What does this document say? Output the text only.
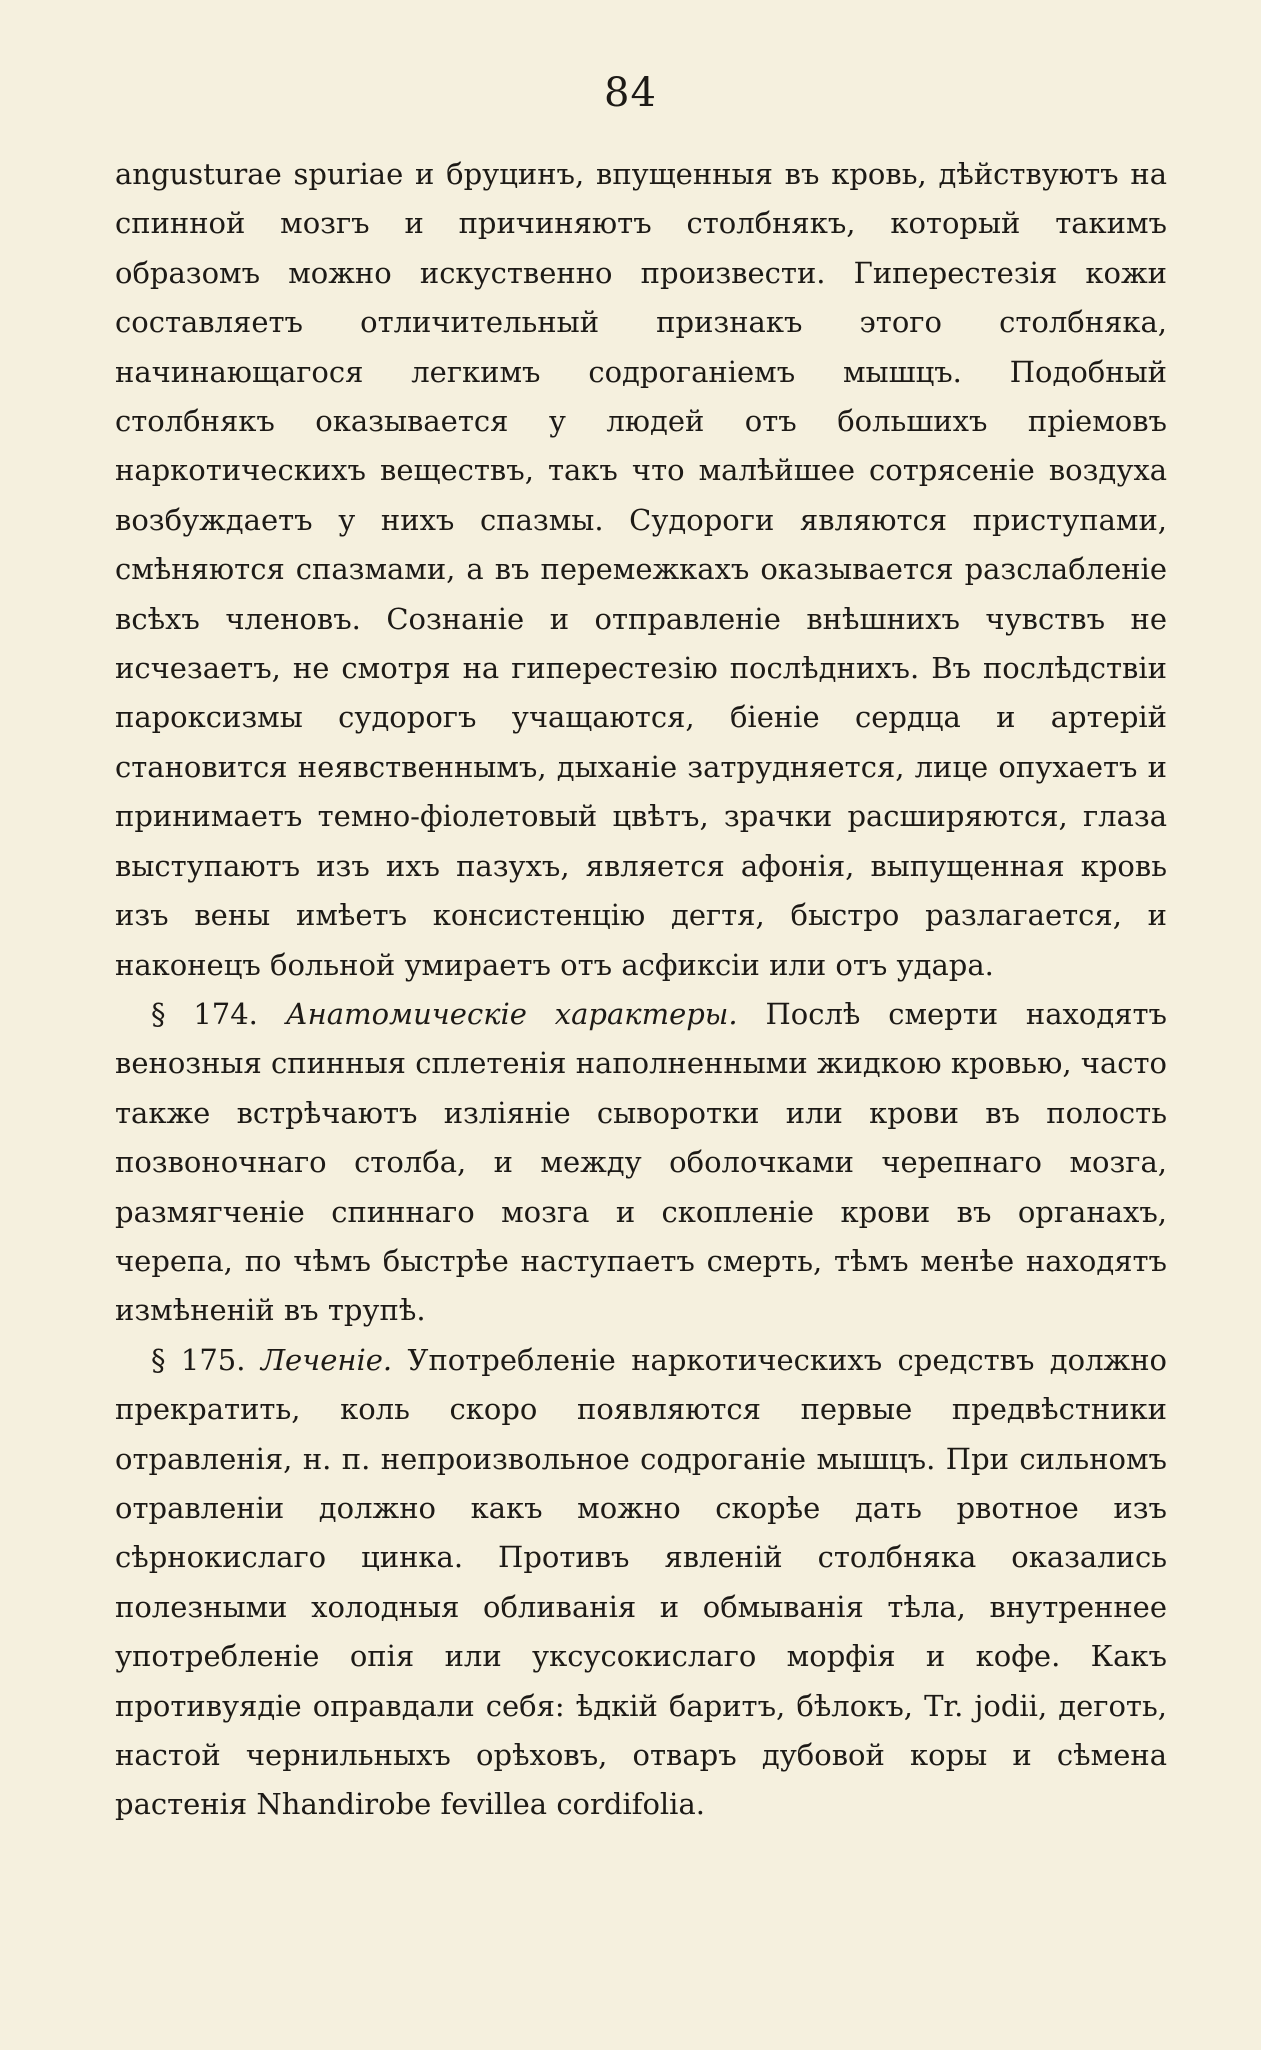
84

angusturae spuriae и бруцинъ, впущенныя въ кровь, дѣйствуютъ на спинной мозгъ и причиняютъ столбнякъ, который такимъ образомъ можно искуственно произвести. Гиперестезія кожи составляетъ отличительный признакъ этого столбняка, начинающагося легкимъ содроганіемъ мышцъ. Подобный столбнякъ оказывается у людей отъ большихъ пріемовъ наркотическихъ веществъ, такъ что малѣйшее сотрясеніе воздуха возбуждаетъ у нихъ спазмы. Судороги являются приступами, смѣняются спазмами, а въ перемежкахъ оказывается разслабленіе всѣхъ членовъ. Сознаніе и отправленіе внѣшнихъ чувствъ не исчезаетъ, не смотря на гиперестезію послѣднихъ. Въ послѣдствіи пароксизмы судорогъ учащаются, біеніе сердца и артерій становится неявственнымъ, дыханіе затрудняется, лице опухаетъ и принимаетъ темно-фіолетовый цвѣтъ, зрачки расширяются, глаза выступаютъ изъ ихъ пазухъ, является афонія, выпущенная кровь изъ вены имѣетъ консистенцію дегтя, быстро разлагается, и наконецъ больной умираетъ отъ асфиксіи или отъ удара.

§ 174. Анатомическіе характеры. Послѣ смерти находятъ венозныя спинныя сплетенія наполненными жидкою кровью, часто также встрѣчаютъ изліяніе сыворотки или крови въ полость позвоночнаго столба, и между оболочками черепнаго мозга, размягченіе спиннаго мозга и скопленіе крови въ органахъ, черепа, по чѣмъ быстрѣе наступаетъ смерть, тѣмъ менѣе находятъ измѣненій въ трупѣ.

§ 175. Леченіе. Употребленіе наркотическихъ средствъ должно прекратить, коль скоро появляются первые предвѣстники отравленія, н. п. непроизвольное содроганіе мышцъ. При сильномъ отравленіи должно какъ можно скорѣе дать рвотное изъ сѣрнокислаго цинка. Противъ явленій столбняка оказались полезными холодныя обливанія и обмыванія тѣла, внутреннее употребленіе опія или уксусокислаго морфія и кофе. Какъ противуядіе оправдали себя: ѣдкій баритъ, бѣлокъ, Tr. jodii, деготь, настой чернильныхъ орѣховъ, отваръ дубовой коры и сѣмена растенія Nhandirobe fevillea cordifolia.
